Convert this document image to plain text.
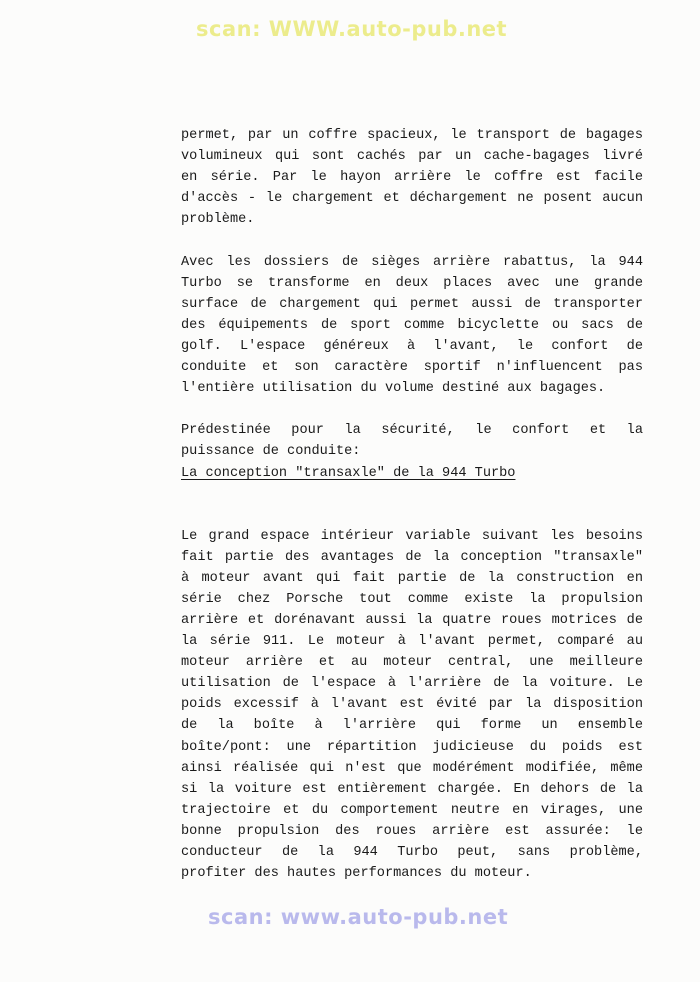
scan: WWW.auto-pub.net
permet, par un coffre spacieux, le transport de bagages
volumineux qui sont cachés par un cache-bagages livré
en série. Par le hayon arrière le coffre est facile
d'accès - le chargement et déchargement ne posent aucun
problème.
Avec les dossiers de sièges arrière rabattus, la 944
Turbo se transforme en deux places avec une grande
surface de chargement qui permet aussi de transporter
des équipements de sport comme bicyclette ou sacs de
golf. L'espace généreux à l'avant, le confort de
conduite et son caractère sportif n'influencent pas
l'entière utilisation du volume destiné aux bagages.
Prédestinée pour la sécurité, le confort et la
puissance de conduite:
La conception "transaxle" de la 944 Turbo
Le grand espace intérieur variable suivant les besoins
fait partie des avantages de la conception "transaxle"
à moteur avant qui fait partie de la construction en
série chez Porsche tout comme existe la propulsion
arrière et dorénavant aussi la quatre roues motrices de
la série 911. Le moteur à l'avant permet, comparé au
moteur arrière et au moteur central, une meilleure
utilisation de l'espace à l'arrière de la voiture. Le
poids excessif à l'avant est évité par la disposition
de la boîte à l'arrière qui forme un ensemble
boîte/pont: une répartition judicieuse du poids est
ainsi réalisée qui n'est que modérément modifiée, même
si la voiture est entièrement chargée. En dehors de la
trajectoire et du comportement neutre en virages, une
bonne propulsion des roues arrière est assurée: le
conducteur de la 944 Turbo peut, sans problème,
profiter des hautes performances du moteur.
scan: www.auto-pub.net
